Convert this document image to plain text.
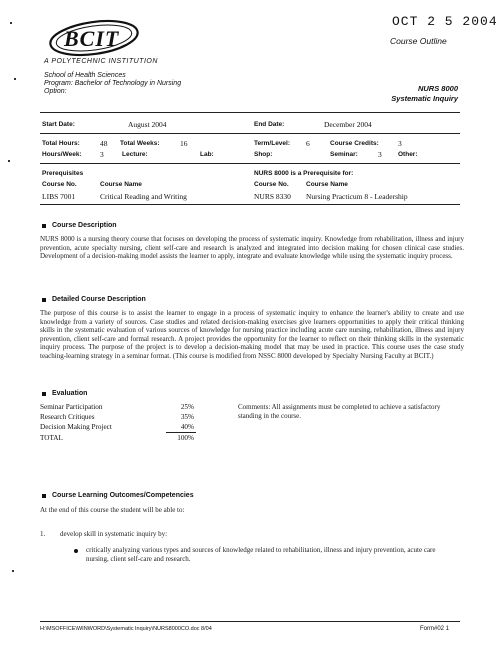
BCIT
A POLYTECHNIC INSTITUTION
OCT 2 5 2004
Course Outline
School of Health Sciences
Program: Bachelor of Technology in Nursing
Option:	NURS 8000
Systematic Inquiry
Start Date:	August 2004	End Date:	December 2004
Total Hours:	48 Total Weeks:	16	Term/Level: 6	Course Credits:	3
Hours/Week: 3	Lecture:	Lab:	Shop:	Seminar:	3	Other:
Prerequisites	NURS 8000 is a Prerequisite for:
Course No.	Course Name	Course No.	Course Name
LIBS 7001	Critical Reading and Writing	NURS 8330 Nursing Practicum 8 - Leadership
Course Description
NURS 8000 is a nursing theory course that focuses on developing the process of systematic inquiry. Knowledge from rehabilitation, illness and injury prevention, acute specialty nursing, client self-care and research is analyzed and integrated into decision making for chosen clinical case studies. Development of a decision-making model assists the learner to apply, integrate and evaluate knowledge while using the systematic inquiry process.
Detailed Course Description
The purpose of this course is to assist the learner to engage in a process of systematic inquiry to enhance the learner's ability to create and use knowledge from a variety of sources. Case studies and related decision-making exercises give learners opportunities to apply their critical thinking skills in the systematic evaluation of various sources of knowledge for nursing practice including acute care nursing, rehabilitation, illness and injury prevention, client self-care and formal research. A project provides the opportunity for the learner to reflect on their thinking skills in the systematic inquiry process. The purpose of the project is to develop a decision-making model that may be used in practice. This course uses the case study teaching-learning strategy in a seminar format. (This course is modified from NSSC 8000 developed by Specialty Nursing Faculty at BCIT.)
Evaluation
Seminar Participation	25%
Research Critiques	35%
Decision Making Project	40%
TOTAL	100%
Comments: All assignments must be completed to achieve a satisfactory standing in the course.
Course Learning Outcomes/Competencies
At the end of this course the student will be able to:
1.	develop skill in systematic inquiry by:
critically analyzing various types and sources of knowledge related to rehabilitation, illness and injury prevention, acute care nursing, client self-care and research.
H:\MSOFFICE\WINWORD\Systematic Inquiry\NURS8000CO.doc 8/04	Form#02 1
